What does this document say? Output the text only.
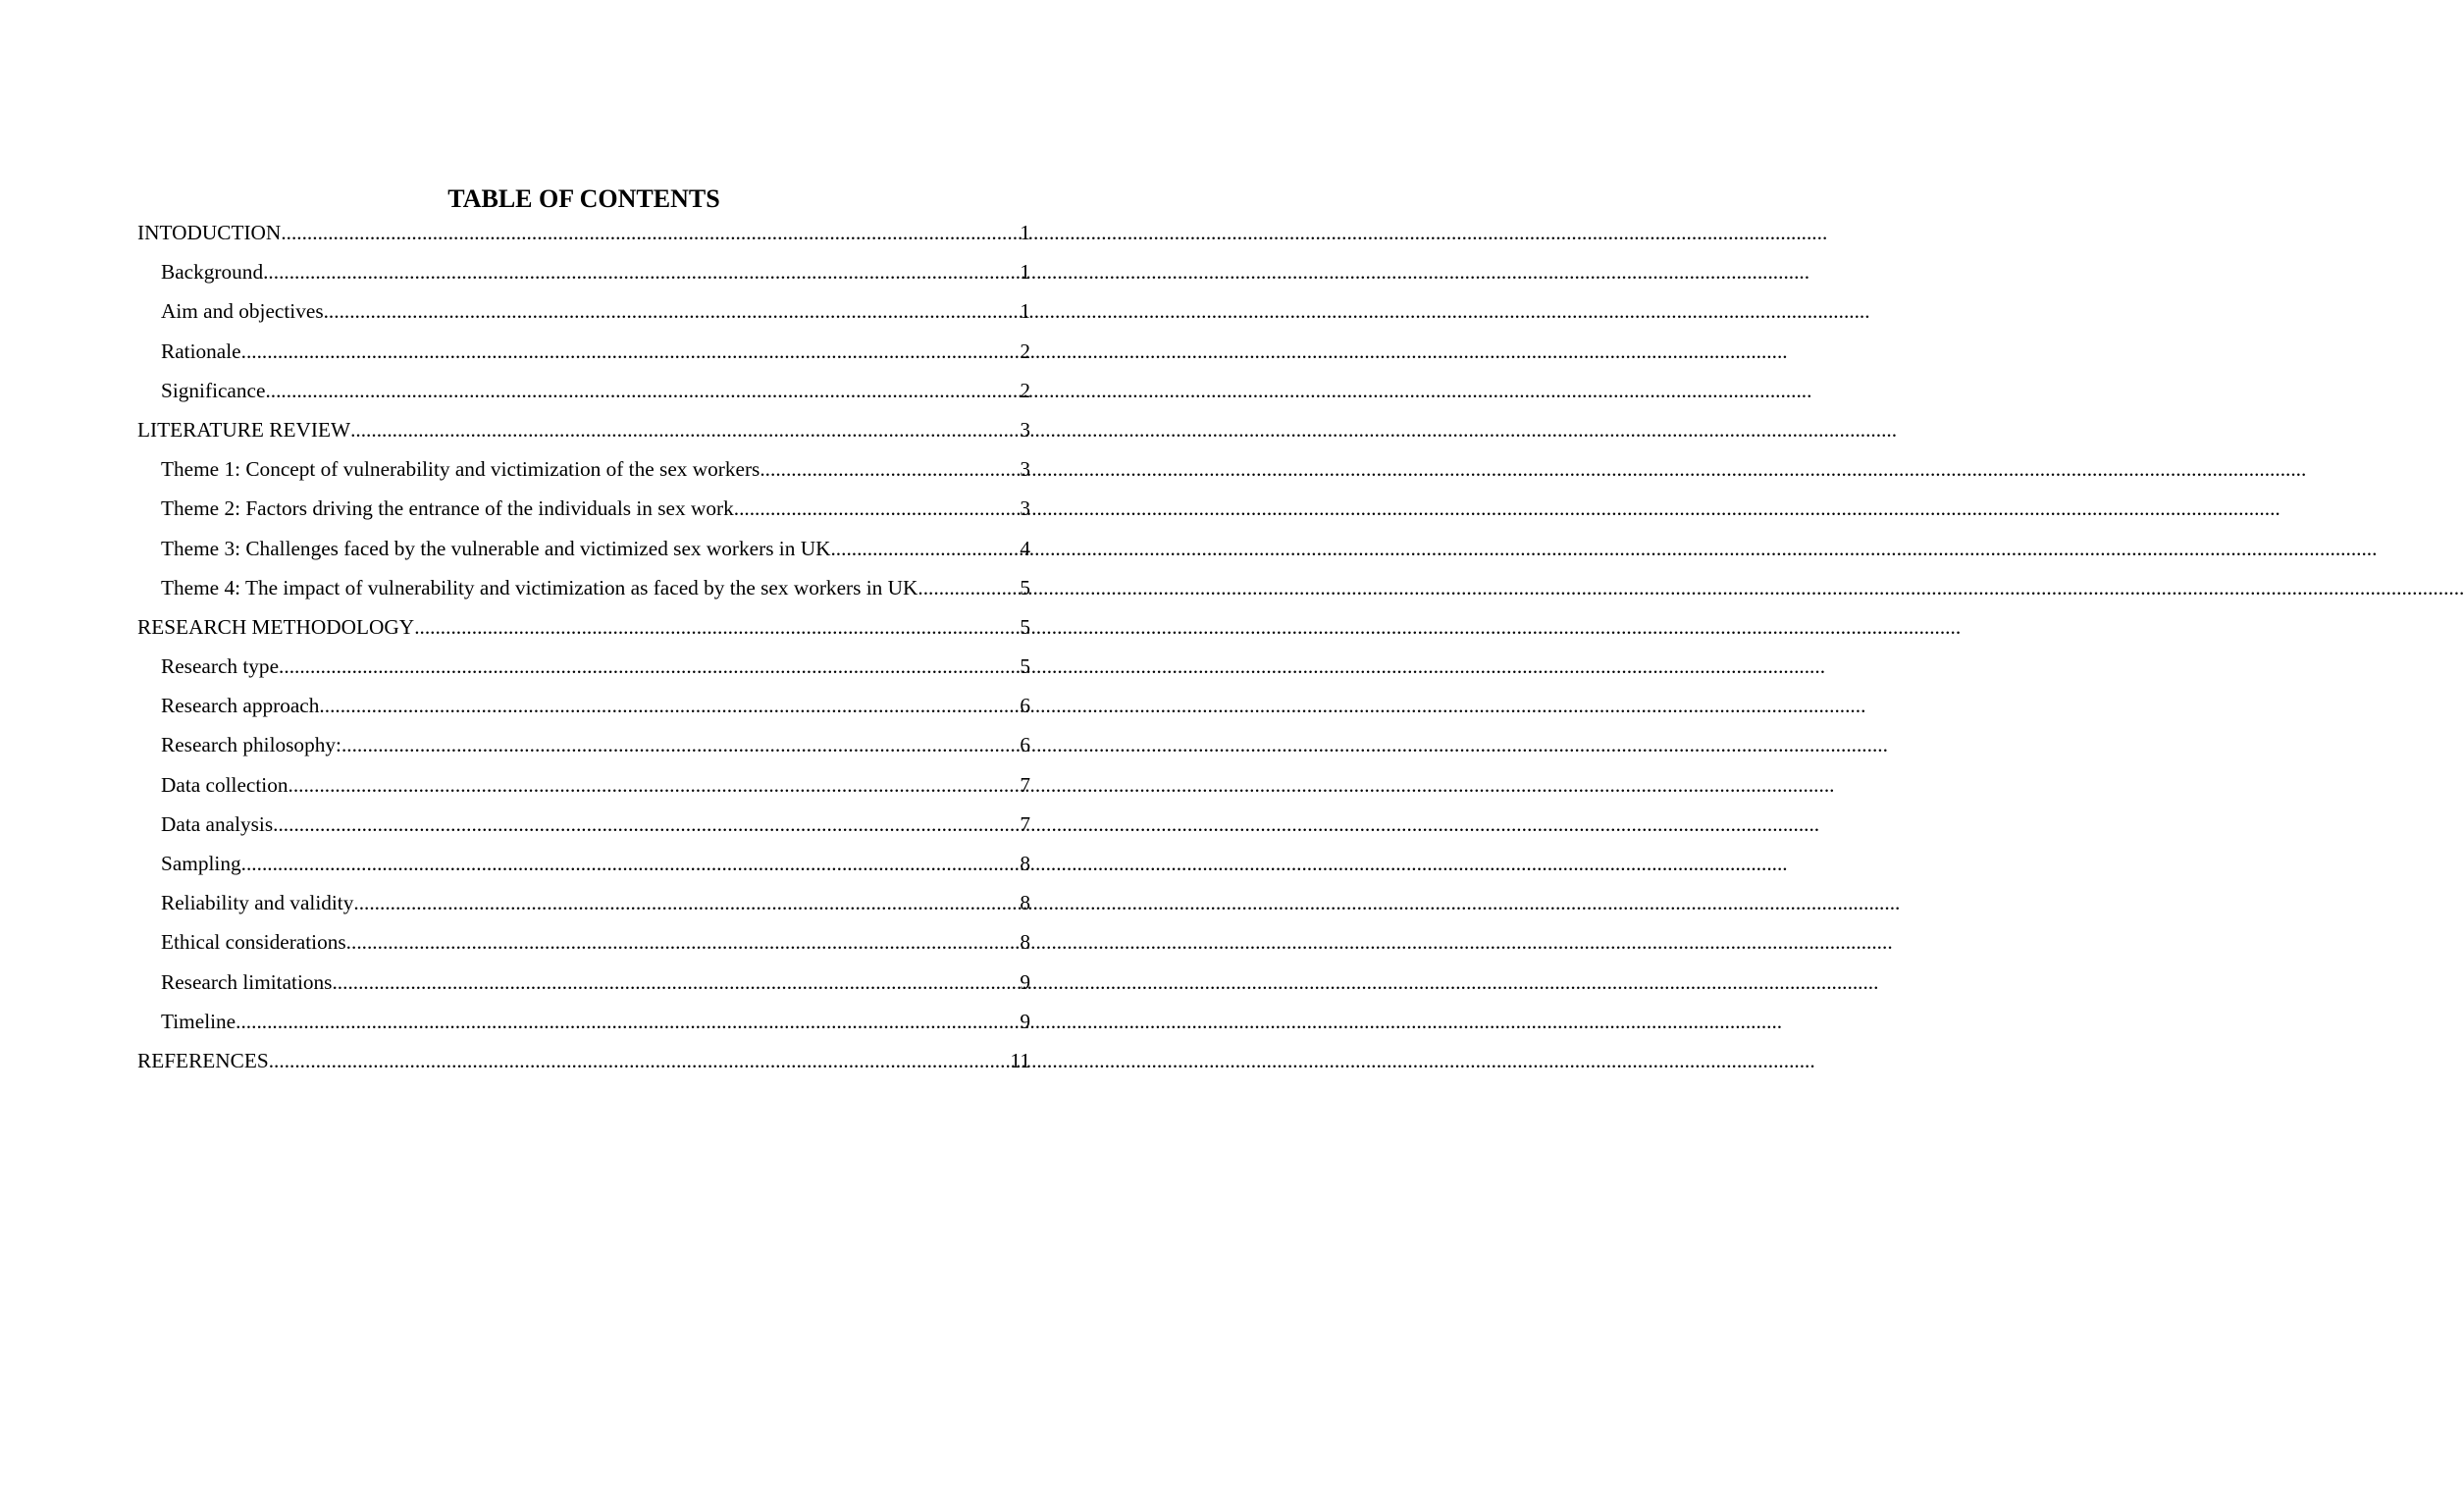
TABLE OF CONTENTS
INTODUCTION .....	1
Background .....	1
Aim and objectives .....	1
Rationale .....	2
Significance .....	2
LITERATURE REVIEW .....	3
Theme 1: Concept of vulnerability and victimization of the sex workers .....	3
Theme 2: Factors driving the entrance of the individuals in sex work .....	3
Theme 3: Challenges faced by the vulnerable and victimized sex workers in UK .....	4
Theme 4: The impact of vulnerability and victimization as faced by the sex workers in UK .....	5
RESEARCH METHODOLOGY .....	5
Research type .....	5
Research approach .....	6
Research philosophy: .....	6
Data collection .....	7
Data analysis .....	7
Sampling .....	8
Reliability and validity .....	8
Ethical considerations .....	8
Research limitations .....	9
Timeline .....	9
REFERENCES .....	11
